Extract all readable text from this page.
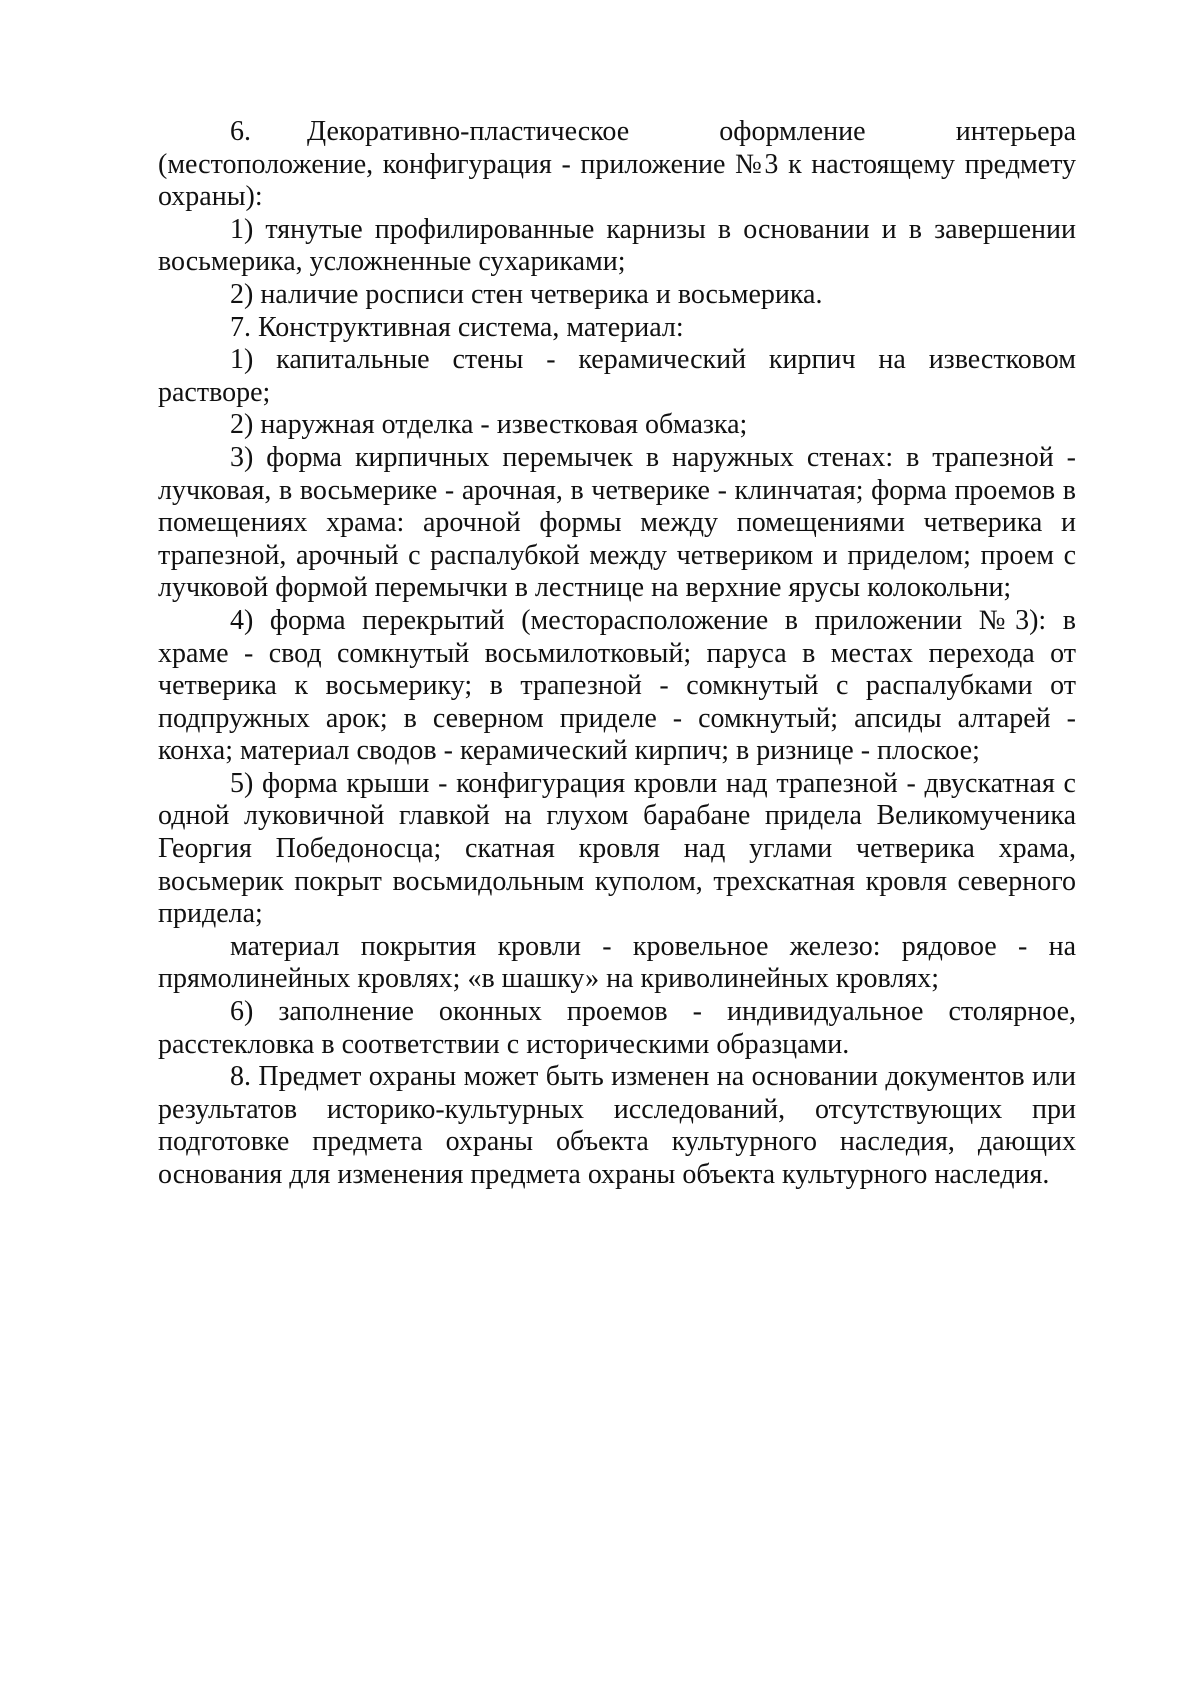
6.  Декоративно-пластическое оформление интерьера

(местоположение, конфигурация - приложение №3 к настоящему предмету охраны):

1) тянутые профилированные карнизы в основании и в завершении восьмерика, усложненные сухариками;

2) наличие росписи стен четверика и восьмерика.

7. Конструктивная система, материал:

1) капитальные стены - керамический кирпич на известковом растворе;

2) наружная отделка - известковая обмазка;

3) форма кирпичных перемычек в наружных стенах: в трапезной - лучковая, в восьмерике - арочная, в четверике - клинчатая; форма проемов в помещениях храма: арочной формы между помещениями четверика и трапезной, арочный с распалубкой между четвериком и приделом; проем с лучковой формой перемычки в лестнице на верхние ярусы колокольни;

4) форма перекрытий (месторасположение в приложении №3): в храме - свод сомкнутый восьмилотковый; паруса в местах перехода от четверика к восьмерику; в трапезной - сомкнутый с распалубками от подпружных арок; в северном приделе - сомкнутый; апсиды алтарей - конха; материал сводов - керамический кирпич; в ризнице - плоское;

5) форма крыши - конфигурация кровли над трапезной - двускатная с одной луковичной главкой на глухом барабане придела Великомученика Георгия Победоносца; скатная кровля над углами четверика храма, восьмерик покрыт восьмидольным куполом, трехскатная кровля северного придела;

материал покрытия кровли - кровельное железо: рядовое - на прямолинейных кровлях; «в шашку» на криволинейных кровлях;

6) заполнение оконных проемов - индивидуальное столярное, расстекловка в соответствии с историческими образцами.

8. Предмет охраны может быть изменен на основании документов или результатов историко-культурных исследований, отсутствующих при подготовке предмета охраны объекта культурного наследия, дающих основания для изменения предмета охраны объекта культурного наследия.
